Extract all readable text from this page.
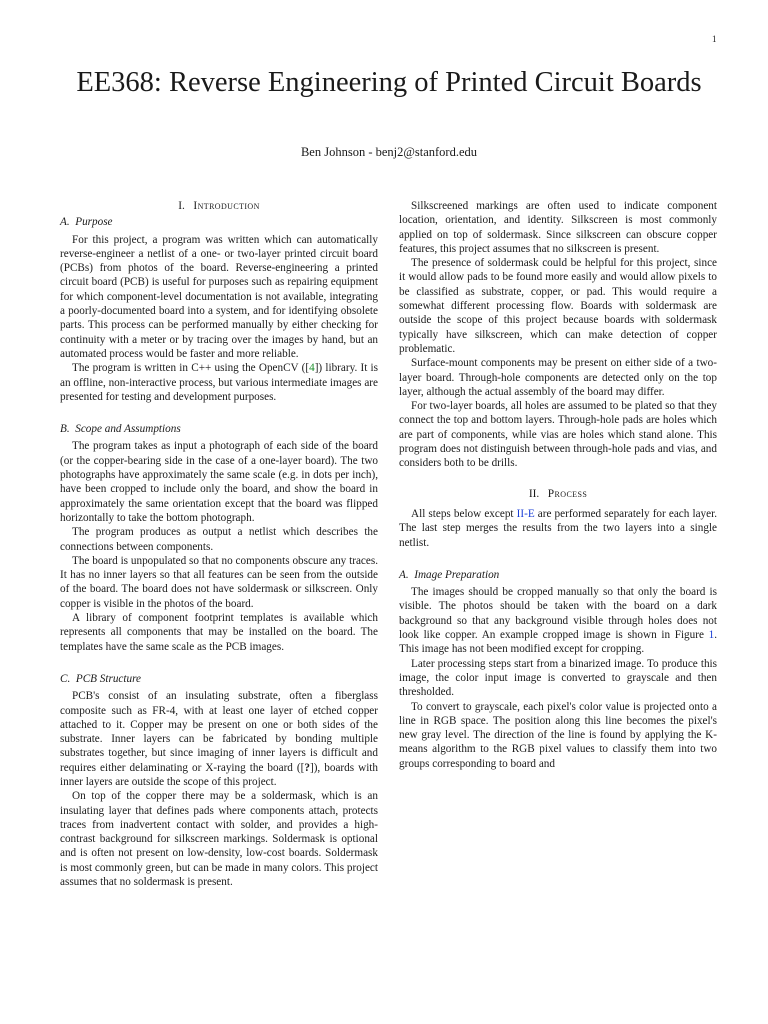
1
EE368: Reverse Engineering of Printed Circuit Boards
Ben Johnson - benj2@stanford.edu
I. Introduction
A. Purpose

For this project, a program was written which can automatically reverse-engineer a netlist of a one- or two-layer printed circuit board (PCBs) from photos of the board. Reverse-engineering a printed circuit board (PCB) is useful for purposes such as repairing equipment for which component-level documentation is not available, integrating a poorly-documented board into a system, and for identifying obsolete parts. This process can be performed manually by either checking for continuity with a meter or by tracing over the images by hand, but an automated process would be faster and more reliable.

The program is written in C++ using the OpenCV ([4]) library. It is an offline, non-interactive process, but various intermediate images are presented for testing and development purposes.

B. Scope and Assumptions

The program takes as input a photograph of each side of the board (or the copper-bearing side in the case of a one-layer board). The two photographs have approximately the same scale (e.g. in dots per inch), have been cropped to include only the board, and show the board in approximately the same orientation except that the board was flipped horizontally to take the bottom photograph.

The program produces as output a netlist which describes the connections between components.

The board is unpopulated so that no components obscure any traces. It has no inner layers so that all features can be seen from the outside of the board. The board does not have soldermask or silkscreen. Only copper is visible in the photos of the board.

A library of component footprint templates is available which represents all components that may be installed on the board. The templates have the same scale as the PCB images.

C. PCB Structure

PCB's consist of an insulating substrate, often a fiberglass composite such as FR-4, with at least one layer of etched copper attached to it. Copper may be present on one or both sides of the substrate. Inner layers can be fabricated by bonding multiple substrates together, but since imaging of inner layers is difficult and requires either delaminating or X-raying the board ([?]), boards with inner layers are outside the scope of this project.

On top of the copper there may be a soldermask, which is an insulating layer that defines pads where components attach, protects traces from inadvertent contact with solder, and provides a high-contrast background for silkscreen markings. Soldermask is optional and is often not present on low-density, low-cost boards. Soldermask is most commonly green, but can be made in many colors. This project assumes that no soldermask is present.

Silkscreened markings are often used to indicate component location, orientation, and identity. Silkscreen is most commonly applied on top of soldermask. Since silkscreen can obscure copper features, this project assumes that no silkscreen is present.

The presence of soldermask could be helpful for this project, since it would allow pads to be found more easily and would allow pixels to be classified as substrate, copper, or pad. This would require a somewhat different processing flow. Boards with soldermask are outside the scope of this project because boards with soldermask typically have silkscreen, which can make detection of copper problematic.

Surface-mount components may be present on either side of a two-layer board. Through-hole components are detected only on the top layer, although the actual assembly of the board may differ.

For two-layer boards, all holes are assumed to be plated so that they connect the top and bottom layers. Through-hole pads are holes which are part of components, while vias are holes which stand alone. This program does not distinguish between through-hole pads and vias, and considers both to be drills.

II. Process

All steps below except II-E are performed separately for each layer. The last step merges the results from the two layers into a single netlist.

A. Image Preparation

The images should be cropped manually so that only the board is visible. The photos should be taken with the board on a dark background so that any background visible through holes does not look like copper. An example cropped image is shown in Figure 1. This image has not been modified except for cropping.

Later processing steps start from a binarized image. To produce this image, the color input image is converted to grayscale and then thresholded.

To convert to grayscale, each pixel's color value is projected onto a line in RGB space. The position along this line becomes the pixel's new gray level. The direction of the line is found by applying the K-means algorithm to the RGB pixel values to classify them into two groups corresponding to board and
